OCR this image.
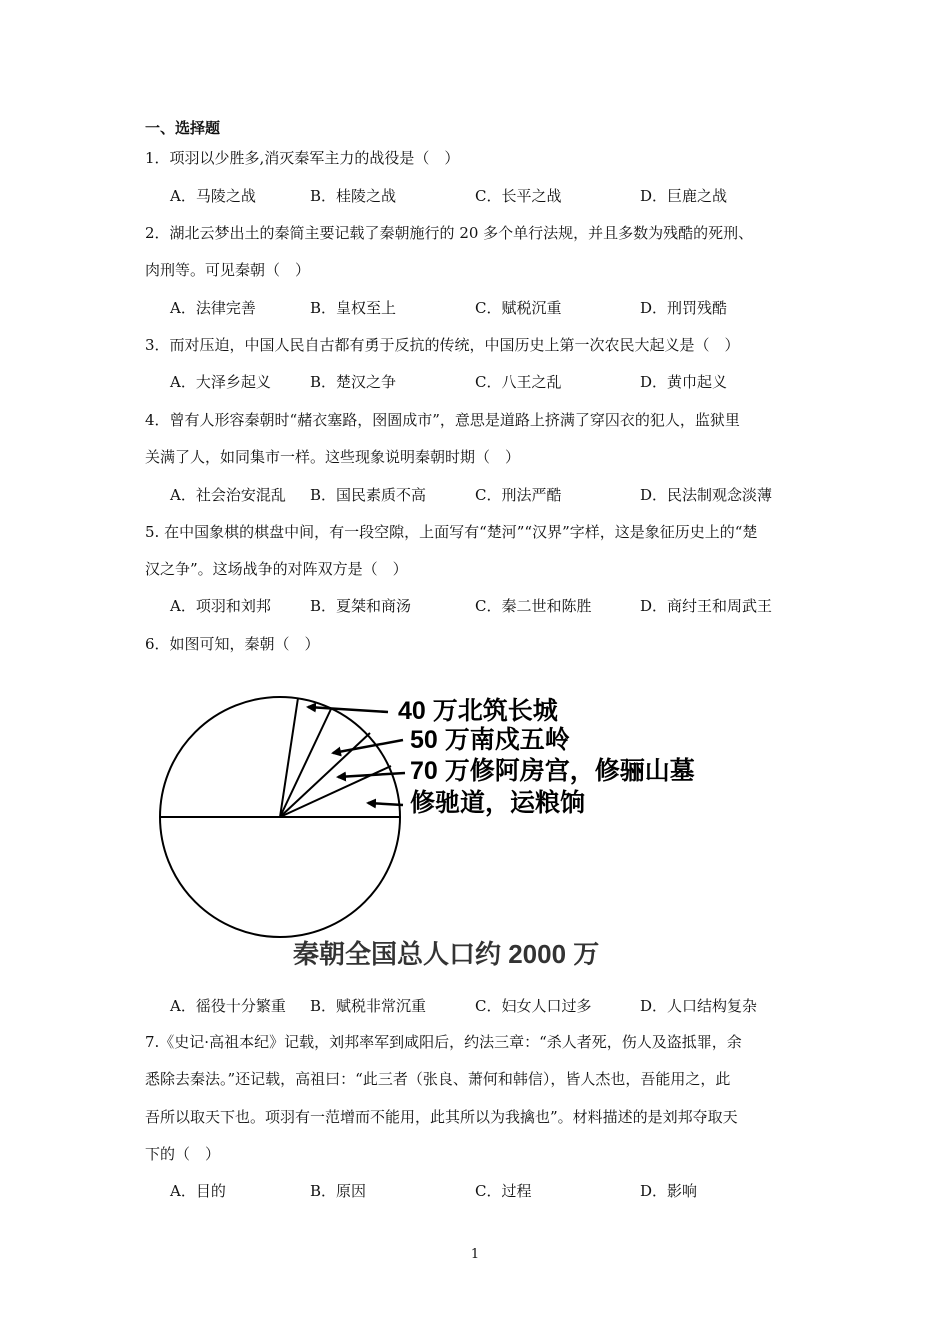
一、选择题
1．项羽以少胜多,消灭秦军主力的战役是（　）
A．马陵之战	B．桂陵之战	C．长平之战	D．巨鹿之战
2．湖北云梦出土的秦简主要记载了秦朝施行的 20 多个单行法规，并且多数为残酷的死刑、
肉刑等。可见秦朝（　）
A．法律完善	B．皇权至上	C．赋税沉重	D．刑罚残酷
3．而对压迫，中国人民自古都有勇于反抗的传统，中国历史上第一次农民大起义是（　）
A．大泽乡起义	B．楚汉之争	C．八王之乱	D．黄巾起义
4．曾有人形容秦朝时“赭衣塞路，囹圄成市”，意思是道路上挤满了穿囚衣的犯人，监狱里
关满了人，如同集市一样。这些现象说明秦朝时期（　）
A．社会治安混乱 B．国民素质不高	C．刑法严酷	D．民法制观念淡薄
5. 在中国象棋的棋盘中间，有一段空隙，上面写有“楚河”“汉界”字样，这是象征历史上的“楚
汉之争”。这场战争的对阵双方是（　）
A．项羽和刘邦	B．夏桀和商汤	C．秦二世和陈胜	D．商纣王和周武王
6．如图可知，秦朝（　）
40 万北筑长城
50 万南戍五岭
70 万修阿房宫，修骊山墓
修驰道，运粮饷
秦朝全国总人口约 2000 万
A．徭役十分繁重 B．赋税非常沉重	C．妇女人口过多	D．人口结构复杂
7.《史记·高祖本纪》记载，刘邦率军到咸阳后，约法三章：“杀人者死，伤人及盗抵罪，余
悉除去秦法。”还记载，高祖曰：“此三者（张良、萧何和韩信），皆人杰也，吾能用之，此
吾所以取天下也。项羽有一范增而不能用，此其所以为我擒也”。材料描述的是刘邦夺取天
下的（　）
A．目的	B．原因	C．过程	D．影响
1
